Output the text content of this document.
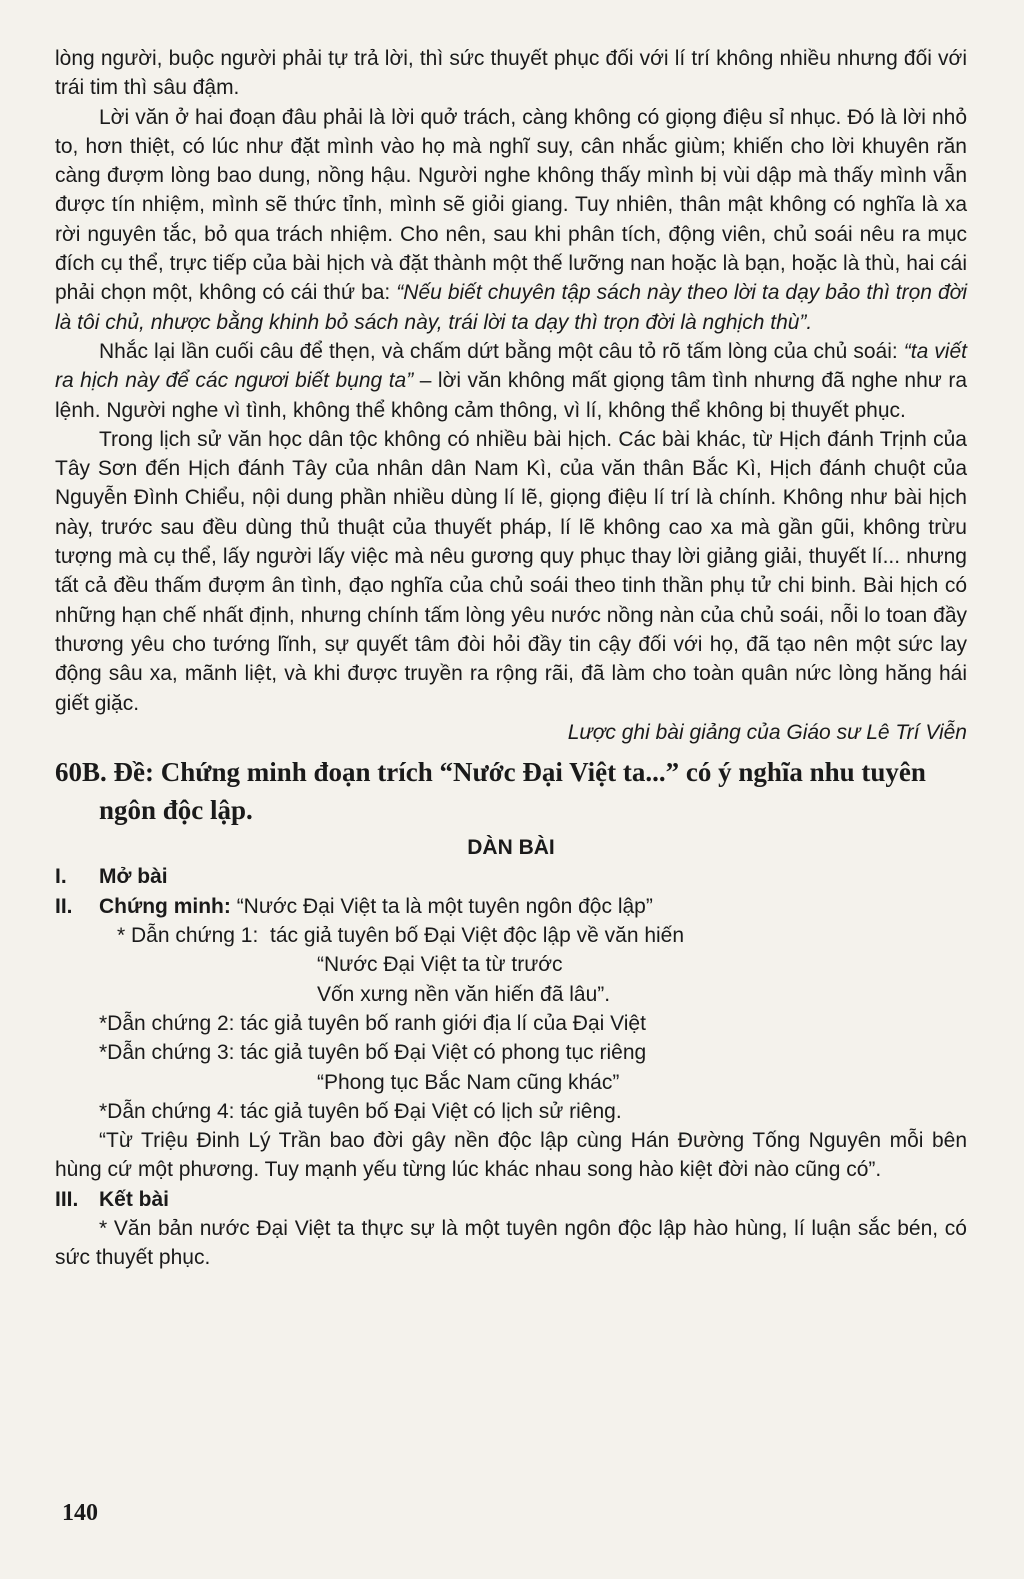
lòng người, buộc người phải tự trả lời, thì sức thuyết phục đối với lí trí không nhiều nhưng đối với trái tim thì sâu đậm.

Lời văn ở hai đoạn đâu phải là lời quở trách, càng không có giọng điệu sỉ nhục. Đó là lời nhỏ to, hơn thiệt, có lúc như đặt mình vào họ mà nghĩ suy, cân nhắc giùm; khiến cho lời khuyên răn càng đượm lòng bao dung, nồng hậu. Người nghe không thấy mình bị vùi dập mà thấy mình vẫn được tín nhiệm, mình sẽ thức tỉnh, mình sẽ giỏi giang. Tuy nhiên, thân mật không có nghĩa là xa rời nguyên tắc, bỏ qua trách nhiệm. Cho nên, sau khi phân tích, động viên, chủ soái nêu ra mục đích cụ thể, trực tiếp của bài hịch và đặt thành một thế lưỡng nan hoặc là bạn, hoặc là thù, hai cái phải chọn một, không có cái thứ ba: “Nếu biết chuyên tập sách này theo lời ta dạy bảo thì trọn đời là tôi chủ, nhược bằng khinh bỏ sách này, trái lời ta dạy thì trọn đời là nghịch thù”.

Nhắc lại lần cuối câu để thẹn, và chấm dứt bằng một câu tỏ rõ tấm lòng của chủ soái: “ta viết ra hịch này để các ngươi biết bụng ta” – lời văn không mất giọng tâm tình nhưng đã nghe như ra lệnh. Người nghe vì tình, không thể không cảm thông, vì lí, không thể không bị thuyết phục.

Trong lịch sử văn học dân tộc không có nhiều bài hịch. Các bài khác, từ Hịch đánh Trịnh của Tây Sơn đến Hịch đánh Tây của nhân dân Nam Kì, của văn thân Bắc Kì, Hịch đánh chuột của Nguyễn Đình Chiểu, nội dung phần nhiều dùng lí lẽ, giọng điệu lí trí là chính. Không như bài hịch này, trước sau đều dùng thủ thuật của thuyết pháp, lí lẽ không cao xa mà gần gũi, không trừu tượng mà cụ thể, lấy người lấy việc mà nêu gương quy phục thay lời giảng giải, thuyết lí... nhưng tất cả đều thấm đượm ân tình, đạo nghĩa của chủ soái theo tinh thần phụ tử chi binh. Bài hịch có những hạn chế nhất định, nhưng chính tấm lòng yêu nước nồng nàn của chủ soái, nỗi lo toan đầy thương yêu cho tướng lĩnh, sự quyết tâm đòi hỏi đầy tin cậy đối với họ, đã tạo nên một sức lay động sâu xa, mãnh liệt, và khi được truyền ra rộng rãi, đã làm cho toàn quân nức lòng hăng hái giết giặc.

Lược ghi bài giảng của Giáo sư Lê Trí Viễn

60B. Đề: Chứng minh đoạn trích “Nước Đại Việt ta...” có ý nghĩa nhu tuyên ngôn độc lập.

DÀN BÀI

I. Mở bài

II. Chứng minh: “Nước Đại Việt ta là một tuyên ngôn độc lập”

* Dẫn chứng 1:  tác giả tuyên bố Đại Việt độc lập về văn hiến

“Nước Đại Việt ta từ trước

Vốn xưng nền văn hiến đã lâu”.

*Dẫn chứng 2: tác giả tuyên bố ranh giới địa lí của Đại Việt

*Dẫn chứng 3: tác giả tuyên bố Đại Việt có phong tục riêng

“Phong tục Bắc Nam cũng khác”

*Dẫn chứng 4: tác giả tuyên bố Đại Việt có lịch sử riêng.

“Từ Triệu Đinh Lý Trần bao đời gây nền độc lập cùng Hán Đường Tống Nguyên mỗi bên hùng cứ một phương. Tuy mạnh yếu từng lúc khác nhau song hào kiệt đời nào cũng có”.

III. Kết bài

* Văn bản nước Đại Việt ta thực sự là một tuyên ngôn độc lập hào hùng, lí luận sắc bén, có sức thuyết phục.

140
